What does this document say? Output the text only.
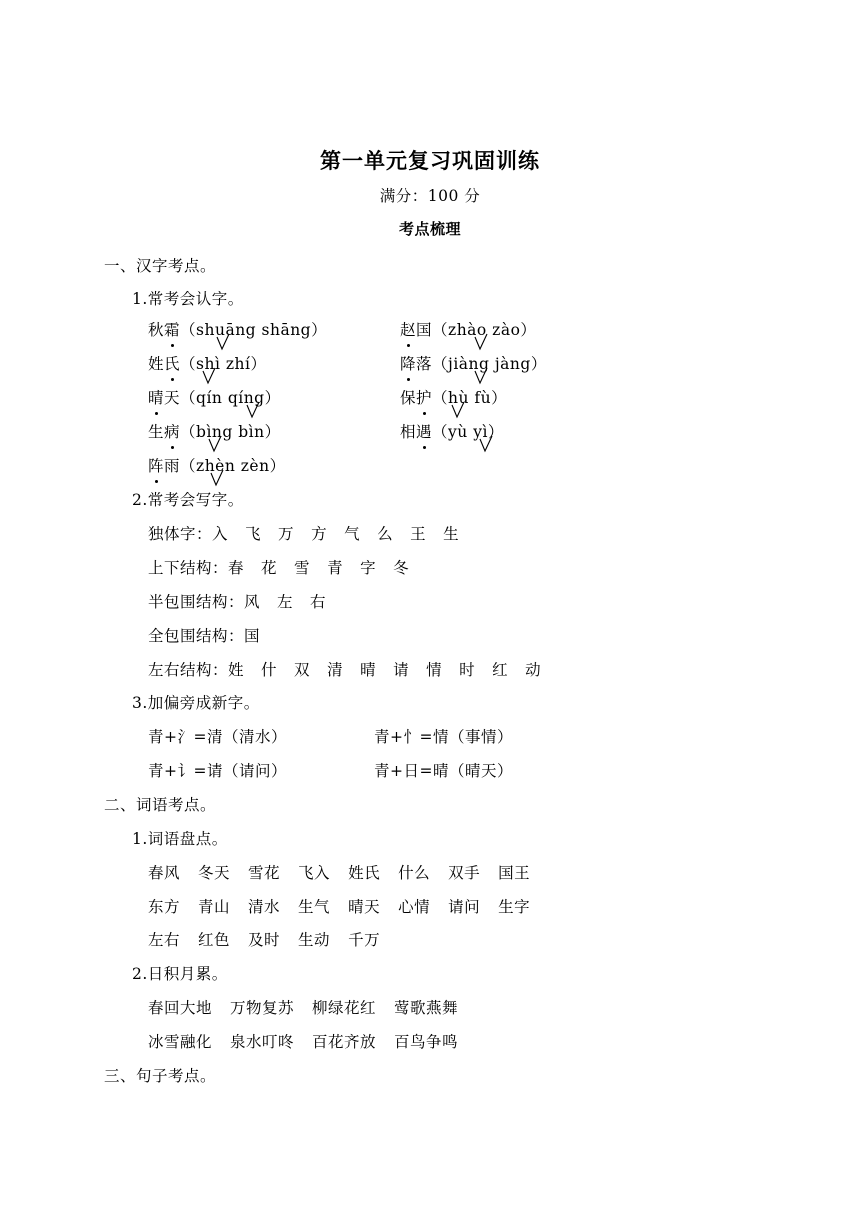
第一单元复习巩固训练
满分：100 分
考点梳理
一、汉字考点。
1.常考会认字。
秋霜（shuāng shāng）	赵国（zhào zào）
姓氏（shì zhí）	降落（jiàng jàng）
晴天（qín qíng）	保护（hù fù）
生病（bìng bìn）	相遇（yù yì）
阵雨（zhèn zèn）
2.常考会写字。
独体字：入 飞 万 方 气 么 王 生
上下结构：春 花 雪 青 字 冬
半包围结构：风 左 右
全包围结构：国
左右结构：姓 什 双 清 晴 请 情 时 红 动
3.加偏旁成新字。
青+氵=清（清水）	青+忄=情（事情）
青+讠=请（请问）	青+日=晴（晴天）
二、词语考点。
1.词语盘点。
春风 冬天 雪花 飞入 姓氏 什么 双手 国王
东方 青山 清水 生气 晴天 心情 请问 生字
左右 红色 及时 生动 千万
2.日积月累。
春回大地 万物复苏 柳绿花红 莺歌燕舞
冰雪融化 泉水叮咚 百花齐放 百鸟争鸣
三、句子考点。
